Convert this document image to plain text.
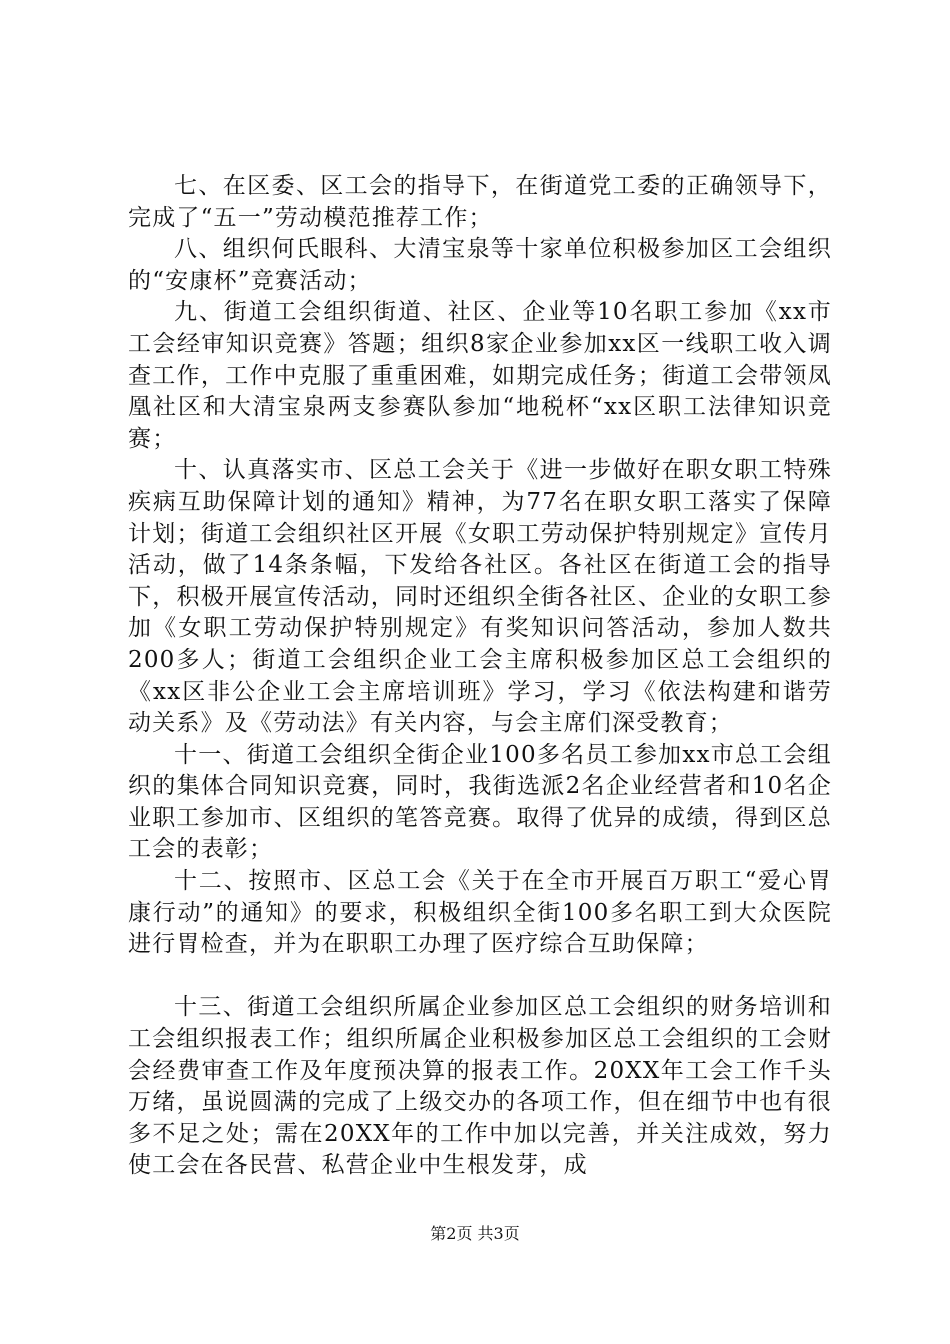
七、在区委、区工会的指导下，在街道党工委的正确领导下，完成了“五一”劳动模范推荐工作；

八、组织何氏眼科、大清宝泉等十家单位积极参加区工会组织的“安康杯”竞赛活动；

九、街道工会组织街道、社区、企业等10名职工参加《xx市工会经审知识竞赛》答题；组织8家企业参加xx区一线职工收入调查工作，工作中克服了重重困难，如期完成任务；街道工会带领凤凰社区和大清宝泉两支参赛队参加“地税杯“xx区职工法律知识竞赛；

十、认真落实市、区总工会关于《进一步做好在职女职工特殊疾病互助保障计划的通知》精神，为77名在职女职工落实了保障计划；街道工会组织社区开展《女职工劳动保护特别规定》宣传月活动，做了14条条幅，下发给各社区。各社区在街道工会的指导下，积极开展宣传活动，同时还组织全街各社区、企业的女职工参加《女职工劳动保护特别规定》有奖知识问答活动，参加人数共200多人；街道工会组织企业工会主席积极参加区总工会组织的《xx区非公企业工会主席培训班》学习，学习《依法构建和谐劳动关系》及《劳动法》有关内容，与会主席们深受教育；

十一、街道工会组织全街企业100多名员工参加xx市总工会组织的集体合同知识竞赛，同时，我街选派2名企业经营者和10名企业职工参加市、区组织的笔答竞赛。取得了优异的成绩，得到区总工会的表彰；

十二、按照市、区总工会《关于在全市开展百万职工“爱心胃康行动”的通知》的要求，积极组织全街100多名职工到大众医院进行胃检查，并为在职职工办理了医疗综合互助保障；

十三、街道工会组织所属企业参加区总工会组织的财务培训和工会组织报表工作；组织所属企业积极参加区总工会组织的工会财会经费审查工作及年度预决算的报表工作。20XX年工会工作千头万绪，虽说圆满的完成了上级交办的各项工作，但在细节中也有很多不足之处；需在20XX年的工作中加以完善，并关注成效，努力使工会在各民营、私营企业中生根发芽，成

第2页 共3页
